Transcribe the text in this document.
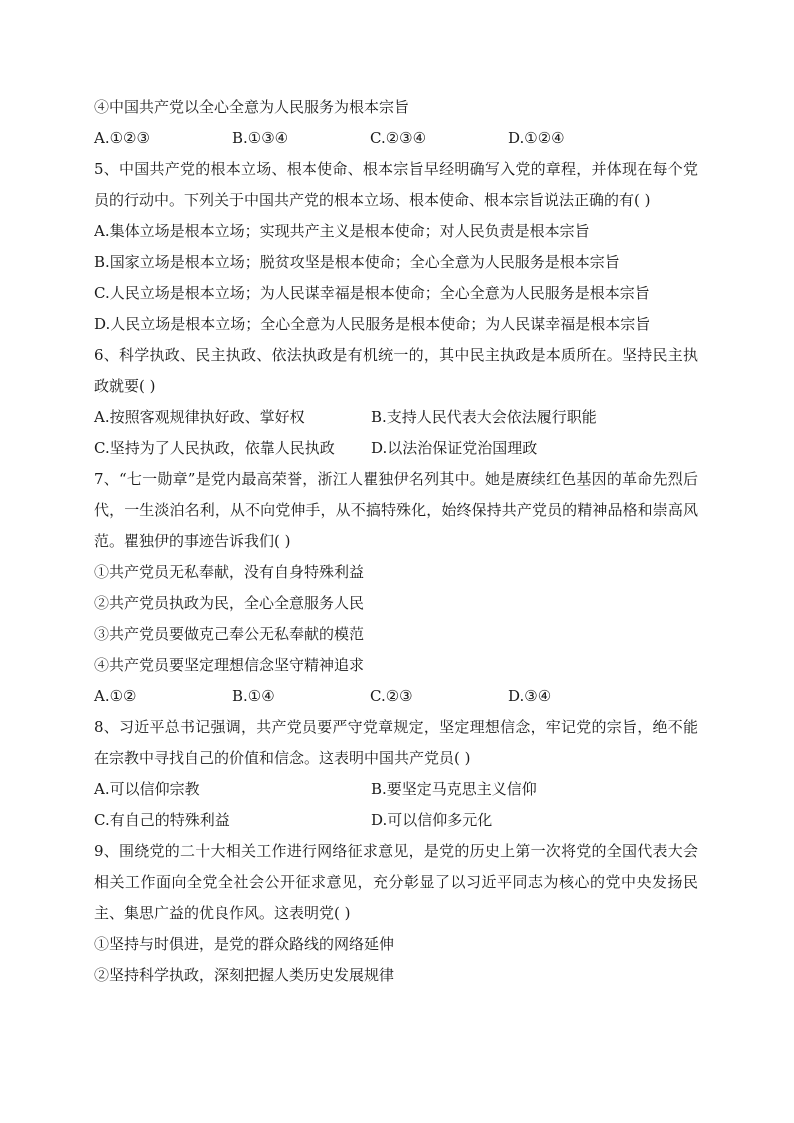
④中国共产党以全心全意为人民服务为根本宗旨
A.①②③	B.①③④	C.②③④	D.①②④
5、中国共产党的根本立场、根本使命、根本宗旨早经明确写入党的章程，并体现在每个党员的行动中。下列关于中国共产党的根本立场、根本使命、根本宗旨说法正确的有( )
A.集体立场是根本立场；实现共产主义是根本使命；对人民负责是根本宗旨
B.国家立场是根本立场；脱贫攻坚是根本使命；全心全意为人民服务是根本宗旨
C.人民立场是根本立场；为人民谋幸福是根本使命；全心全意为人民服务是根本宗旨
D.人民立场是根本立场；全心全意为人民服务是根本使命；为人民谋幸福是根本宗旨
6、科学执政、民主执政、依法执政是有机统一的，其中民主执政是本质所在。坚持民主执政就要( )
A.按照客观规律执好政、掌好权	B.支持人民代表大会依法履行职能
C.坚持为了人民执政，依靠人民执政	D.以法治保证党治国理政
7、“七一勋章”是党内最高荣誉，浙江人瞿独伊名列其中。她是赓续红色基因的革命先烈后代，一生淡泊名利，从不向党伸手，从不搞特殊化，始终保持共产党员的精神品格和崇高风范。瞿独伊的事迹告诉我们( )
①共产党员无私奉献，没有自身特殊利益
②共产党员执政为民，全心全意服务人民
③共产党员要做克己奉公无私奉献的模范
④共产党员要坚定理想信念坚守精神追求
A.①②	B.①④	C.②③	D.③④
8、习近平总书记强调，共产党员要严守党章规定，坚定理想信念，牢记党的宗旨，绝不能在宗教中寻找自己的价值和信念。这表明中国共产党员( )
A.可以信仰宗教	B.要坚定马克思主义信仰
C.有自己的特殊利益	D.可以信仰多元化
9、围绕党的二十大相关工作进行网络征求意见，是党的历史上第一次将党的全国代表大会相关工作面向全党全社会公开征求意见，充分彰显了以习近平同志为核心的党中央发扬民主、集思广益的优良作风。这表明党( )
①坚持与时俱进，是党的群众路线的网络延伸
②坚持科学执政，深刻把握人类历史发展规律
